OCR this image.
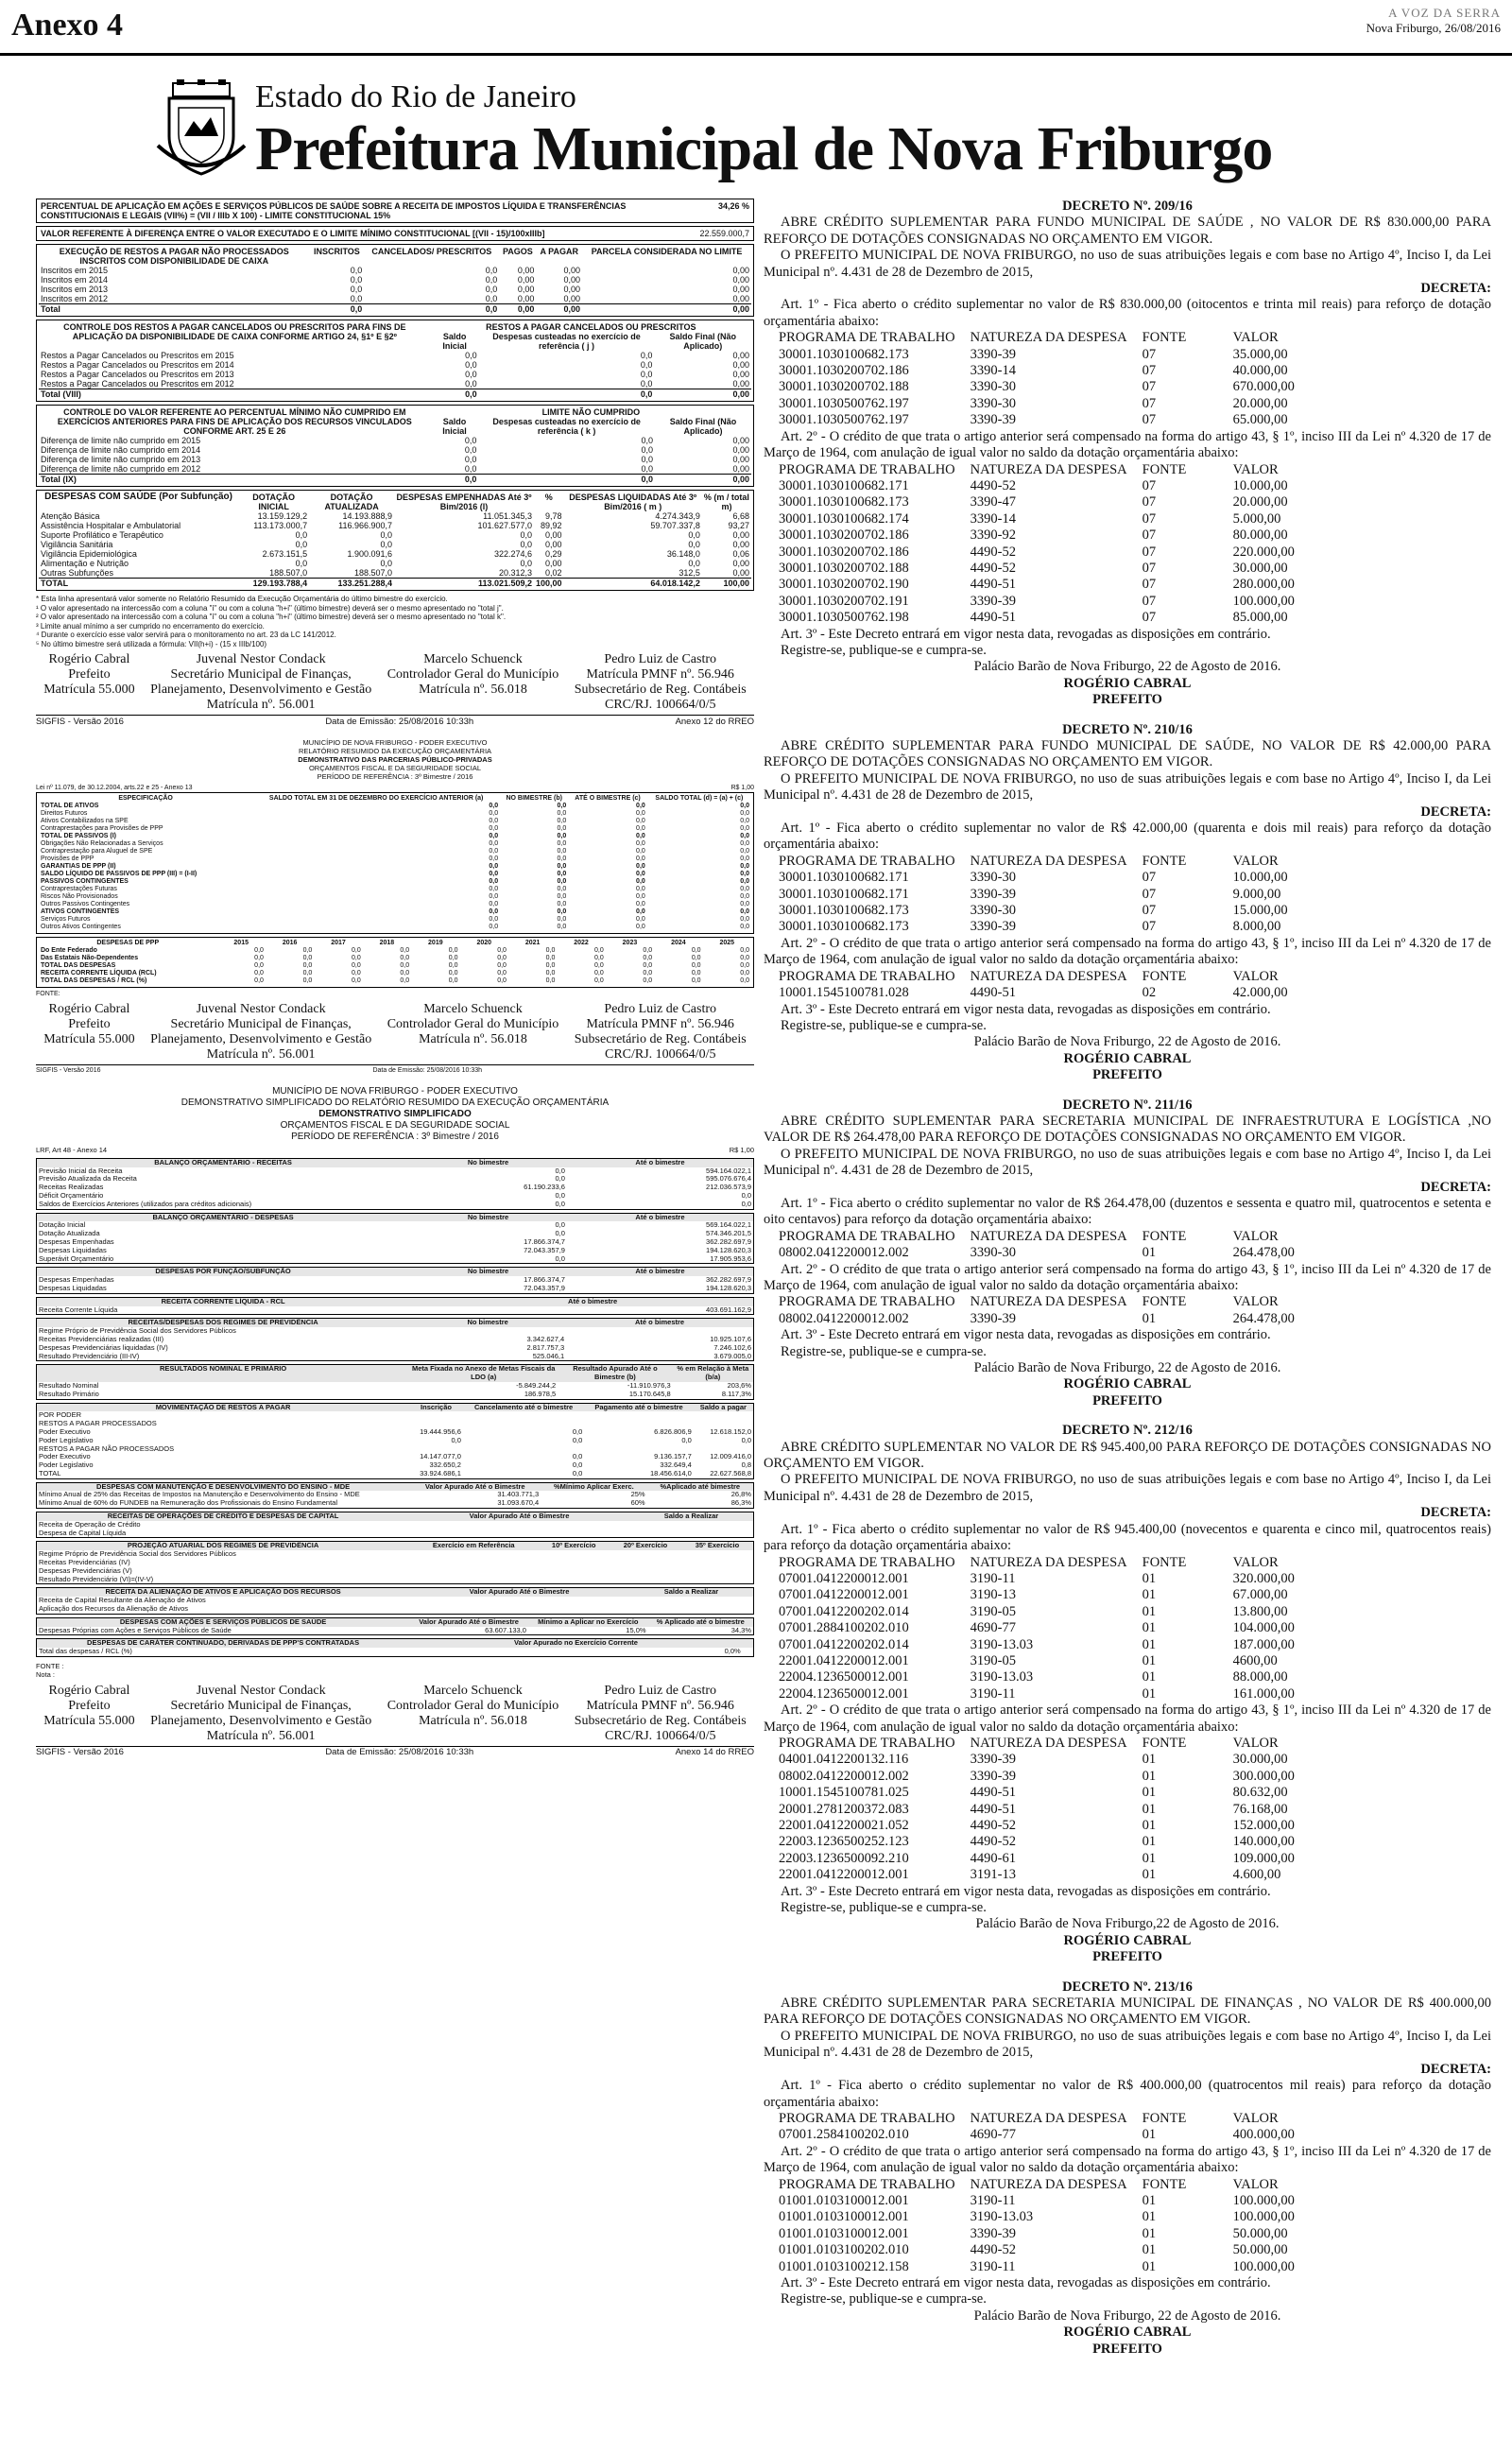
Anexo 4	A VOZ DA SERRA
Nova Friburgo, 26/08/2016
Estado do Rio de Janeiro
Prefeitura Municipal de Nova Friburgo
PERCENTUAL DE APLICAÇÃO EM AÇÕES E SERVIÇOS PÚBLICOS DE SAÚDE SOBRE A RECEITA DE IMPOSTOS LÍQUIDA E TRANSFERÊNCIAS CONSTITUCIONAIS E LEGAIS (VII%) = (VII / IIIb X 100) - LIMITE CONSTITUCIONAL 15%	34,26 %
VALOR REFERENTE À DIFERENÇA ENTRE O VALOR EXECUTADO E O LIMITE MÍNIMO CONSTITUCIONAL [(VII - 15)/100xIIIb]	22.559.000,7
EXECUÇÃO DE RESTOS A PAGAR NÃO PROCESSADOS INSCRITOS COM DISPONIBILIDADE DE CAIXA	INSCRITOS	CANCELADOS/ PRESCRITOS	PAGOS	A PAGAR	PARCELA CONSIDERADA NO LIMITE
Inscritos em 2015	0,0	0,0	0,00	0,00	0,00
Inscritos em 2014	0,0	0,0	0,00	0,00	0,00
Inscritos em 2013	0,0	0,0	0,00	0,00	0,00
Inscritos em 2012	0,0	0,0	0,00	0,00	0,00
Total	0,0	0,0	0,00	0,00	0,00
CONTROLE DOS RESTOS A PAGAR CANCELADOS OU PRESCRITOS PARA FINS DE APLICAÇÃO DA DISPONIBILIDADE DE CAIXA CONFORME ARTIGO 24, §1º E §2º	RESTOS A PAGAR CANCELADOS OU PRESCRITOS		
	Saldo Inicial	Despesas custeadas no exercício de referência ( j )	Saldo Final (Não Aplicado)
Restos a Pagar Cancelados ou Prescritos em 2015	0,0	0,0	0,00
Restos a Pagar Cancelados ou Prescritos em 2014	0,0	0,0	0,00
Restos a Pagar Cancelados ou Prescritos em 2013	0,0	0,0	0,00
Restos a Pagar Cancelados ou Prescritos em 2012	0,0	0,0	0,00
Total (VIII)	0,0	0,0	0,00
CONTROLE DO VALOR REFERENTE AO PERCENTUAL MÍNIMO NÃO CUMPRIDO EM EXERCÍCIOS ANTERIORES PARA FINS DE APLICAÇÃO DOS RECURSOS VINCULADOS CONFORME ART. 25 E 26	LIMITE NÃO CUMPRIDO		
	Saldo Inicial	Despesas custeadas no exercício de referência ( k )	Saldo Final (Não Aplicado)
Diferença de limite não cumprido em 2015	0,0	0,0	0,00
Diferença de limite não cumprido em 2014	0,0	0,0	0,00
Diferença de limite não cumprido em 2013	0,0	0,0	0,00
Diferença de limite não cumprido em 2012	0,0	0,0	0,00
Total (IX)	0,0	0,0	0,00
DESPESAS COM SAÚDE (Por Subfunção)	DOTAÇÃO INICIAL	DOTAÇÃO ATUALIZADA	DESPESAS EMPENHADAS Até 3º Bim/2016 (l)	%	DESPESAS LIQUIDADAS Até 3º Bim/2016 ( m )	% (m / total m)
Atenção Básica	13.159.129,2	14.193.888,9	11.051.345,3	9,78	4.274.343,9	6,68
Assistência Hospitalar e Ambulatorial	113.173.000,7	116.966.900,7	101.627.577,0	89,92	59.707.337,8	93,27
Suporte Profilático e Terapêutico	0,0	0,0	0,0	0,00	0,0	0,00
Vigilância Sanitária	0,0	0,0	0,0	0,00	0,0	0,00
Vigilância Epidemiológica	2.673.151,5	1.900.091,6	322.274,6	0,29	36.148,0	0,06
Alimentação e Nutrição	0,0	0,0	0,0	0,00	0,0	0,00
Outras Subfunções	188.507,0	188.507,0	20.312,3	0,02	312,5	0,00
TOTAL	129.193.788,4	133.251.288,4	113.021.509,2	100,00	64.018.142,2	100,00
* Esta linha apresentará valor somente no Relatório Resumido da Execução Orçamentária do último bimestre do exercício.
¹ O valor apresentado na intercessão com a coluna "i" ou com a coluna "h+i" (último bimestre) deverá ser o mesmo apresentado no "total j".
² O valor apresentado na intercessão com a coluna "i" ou com a coluna "h+i" (último bimestre) deverá ser o mesmo apresentado no "total k".
³ Limite anual mínimo a ser cumprido no encerramento do exercício.
⁴ Durante o exercício esse valor servirá para o monitoramento no art. 23 da LC 141/2012.
⁵ No último bimestre será utilizada a fórmula: VII(h+i) - (15 x IIIb/100)
Rogério Cabral
Prefeito
Matrícula 55.000
Juvenal Nestor Condack
Secretário Municipal de Finanças,
Planejamento, Desenvolvimento e Gestão
Matrícula nº. 56.001
Marcelo Schuenck
Controlador Geral do Município
Matrícula nº. 56.018
Pedro Luiz de Castro
Matrícula PMNF nº. 56.946
Subsecretário de Reg. Contábeis
CRC/RJ. 100664/0/5
SIGFIS - Versão 2016	Data de Emissão: 25/08/2016 10:33h	Anexo 12 do RREO
MUNICÍPIO DE NOVA FRIBURGO - PODER EXECUTIVO
RELATÓRIO RESUMIDO DA EXECUÇÃO ORÇAMENTÁRIA
DEMONSTRATIVO DAS PARCERIAS PÚBLICO-PRIVADAS
ORÇAMENTOS FISCAL E DA SEGURIDADE SOCIAL
PERÍODO DE REFERÊNCIA : 3º Bimestre / 2016
Lei nº 11.079, de 30.12.2004, arts.22 e 25 - Anexo 13	R$ 1,00
ESPECIFICAÇÃO	SALDO TOTAL EM 31 DE DEZEMBRO DO EXERCÍCIO ANTERIOR (a)	NO BIMESTRE (b)	ATÉ O BIMESTRE (c)	SALDO TOTAL (d) = (a) + (c)
TOTAL DE ATIVOS	0,0	0,0	0,0	0,0
Direitos Futuros	0,0	0,0	0,0	0,0
Ativos Contabilizados na SPE	0,0	0,0	0,0	0,0
Contraprestações para Provisões de PPP	0,0	0,0	0,0	0,0
TOTAL DE PASSIVOS (I)	0,0	0,0	0,0	0,0
Obrigações Não Relacionadas a Serviços	0,0	0,0	0,0	0,0
Contraprestação para Aluguel de SPE	0,0	0,0	0,0	0,0
Provisões de PPP	0,0	0,0	0,0	0,0
GARANTIAS DE PPP (II)	0,0	0,0	0,0	0,0
SALDO LÍQUIDO DE PASSIVOS DE PPP (III) = (I-II)	0,0	0,0	0,0	0,0
PASSIVOS CONTINGENTES	0,0	0,0	0,0	0,0
Contraprestações Futuras	0,0	0,0	0,0	0,0
Riscos Não Provisionados	0,0	0,0	0,0	0,0
Outros Passivos Contingentes	0,0	0,0	0,0	0,0
ATIVOS CONTINGENTES	0,0	0,0	0,0	0,0
Serviços Futuros	0,0	0,0	0,0	0,0
Outros Ativos Contingentes	0,0	0,0	0,0	0,0
DESPESAS DE PPP	2015	2016	2017	2018	2019	2020	2021	2022	2023	2024	2025
Do Ente Federado	0,0	0,0	0,0	0,0	0,0	0,0	0,0	0,0	0,0	0,0	0,0
Das Estatais Não-Dependentes	0,0	0,0	0,0	0,0	0,0	0,0	0,0	0,0	0,0	0,0	0,0
TOTAL DAS DESPESAS	0,0	0,0	0,0	0,0	0,0	0,0	0,0	0,0	0,0	0,0	0,0
RECEITA CORRENTE LÍQUIDA (RCL)	0,0	0,0	0,0	0,0	0,0	0,0	0,0	0,0	0,0	0,0	0,0
TOTAL DAS DESPESAS / RCL (%)	0,0	0,0	0,0	0,0	0,0	0,0	0,0	0,0	0,0	0,0	0,0
FONTE:
Rogério Cabral
Prefeito
Matrícula 55.000
Juvenal Nestor Condack
Secretário Municipal de Finanças,
Planejamento, Desenvolvimento e Gestão
Matrícula nº. 56.001
Marcelo Schuenck
Controlador Geral do Município
Matrícula nº. 56.018
Pedro Luiz de Castro
Matrícula PMNF nº. 56.946
Subsecretário de Reg. Contábeis
CRC/RJ. 100664/0/5
SIGFIS - Versão 2016	Data de Emissão: 25/08/2016 10:33h
MUNICÍPIO DE NOVA FRIBURGO - PODER EXECUTIVO
DEMONSTRATIVO SIMPLIFICADO DO RELATÓRIO RESUMIDO DA EXECUÇÃO ORÇAMENTÁRIA
DEMONSTRATIVO SIMPLIFICADO
ORÇAMENTOS FISCAL E DA SEGURIDADE SOCIAL
PERÍODO DE REFERÊNCIA : 3º Bimestre / 2016
LRF, Art 48 - Anexo 14	R$ 1,00
BALANÇO ORÇAMENTÁRIO - RECEITAS	No bimestre	Até o bimestre
Previsão Inicial da Receita	0,0	594.164.022,1
Previsão Atualizada da Receita	0,0	595.076.676,4
Receitas Realizadas	61.190.233,6	212.036.573,9
Déficit Orçamentário	0,0	0,0
Saldos de Exercícios Anteriores (utilizados para créditos adicionais)	0,0	0,0
BALANÇO ORÇAMENTÁRIO - DESPESAS	No bimestre	Até o bimestre
Dotação Inicial	0,0	569.164.022,1
Dotação Atualizada	0,0	574.346.201,5
Despesas Empenhadas	17.866.374,7	362.282.697,9
Despesas Liquidadas	72.043.357,9	194.128.620,3
Superávit Orçamentário	0,0	17.905.953,6
DESPESAS POR FUNÇÃO/SUBFUNÇÃO	No bimestre	Até o bimestre
Despesas Empenhadas	17.866.374,7	362.282.697,9
Despesas Liquidadas	72.043.357,9	194.128.620,3
RECEITA CORRENTE LÍQUIDA - RCL		Até o bimestre
Receita Corrente Líquida		403.691.162,9
RECEITAS/DESPESAS DOS REGIMES DE PREVIDÊNCIA	No bimestre	Até o bimestre
Regime Próprio de Previdência Social dos Servidores Públicos		
Receitas Previdenciárias realizadas (III)	3.342.627,4	10.925.107,6
Despesas Previdenciárias liquidadas (IV)	2.817.757,3	7.246.102,6
Resultado Previdenciário (III-IV)	525.046,1	3.679.005,0
RESULTADOS NOMINAL E PRIMÁRIO	Meta Fixada no Anexo de Metas Fiscais da LDO (a)	Resultado Apurado Até o Bimestre (b)	% em Relação à Meta (b/a)
Resultado Nominal	-5.849.244,2	-11.910.976,3	203,6%
Resultado Primário	186.978,5	15.170.645,8	8.117,3%
MOVIMENTAÇÃO DE RESTOS A PAGAR	Inscrição	Cancelamento até o bimestre	Pagamento até o bimestre	Saldo a pagar
POR PODER				
RESTOS A PAGAR PROCESSADOS				
Poder Executivo	19.444.956,6	0,0	6.826.806,9	12.618.152,0
Poder Legislativo	0,0	0,0	0,0	0,0
RESTOS A PAGAR NÃO PROCESSADOS				
Poder Executivo	14.147.077,0	0,0	9.136.157,7	12.009.416,0
Poder Legislativo	332.650,2	0,0	332.649,4	0,8
TOTAL	33.924.686,1	0,0	18.456.614,0	22.627.568,8
DESPESAS COM MANUTENÇÃO E DESENVOLVIMENTO DO ENSINO - MDE	Valor Apurado Até o Bimestre	%Mínimo Aplicar Exerc.	%Aplicado até bimestre
Mínimo Anual de 25% das Receitas de Impostos na Manutenção e Desenvolvimento do Ensino - MDE	31.403.771,3	25%	26,8%
Mínimo Anual de 60% do FUNDEB na Remuneração dos Profissionais do Ensino Fundamental	31.093.670,4	60%	86,3%
RECEITAS DE OPERAÇÕES DE CRÉDITO E DESPESAS DE CAPITAL	Valor Apurado Até o Bimestre	Saldo a Realizar
Receita de Operação de Crédito		
Despesa de Capital Líquida		
PROJEÇÃO ATUARIAL DOS REGIMES DE PREVIDÊNCIA	Exercício em Referência	10º Exercício	20º Exercício	35º Exercício
Regime Próprio de Previdência Social dos Servidores Públicos				
Receitas Previdenciárias (IV)				
Despesas Previdenciárias (V)				
Resultado Previdenciário (VI)=(IV-V)				
RECEITA DA ALIENAÇÃO DE ATIVOS E APLICAÇÃO DOS RECURSOS	Valor Apurado Até o Bimestre	Saldo a Realizar
Receita de Capital Resultante da Alienação de Ativos		
Aplicação dos Recursos da Alienação de Ativos		
DESPESAS COM AÇÕES E SERVIÇOS PÚBLICOS DE SAÚDE	Valor Apurado Até o Bimestre	Mínimo a Aplicar no Exercício	% Aplicado até o bimestre
Despesas Próprias com Ações e Serviços Públicos de Saúde	63.607.133,0	15,0%	34,3%
DESPESAS DE CARÁTER CONTINUADO, DERIVADAS DE PPP'S CONTRATADAS	Valor Apurado no Exercício Corrente	
Total das despesas / RCL (%)	0,0%	
FONTE :
Nota :
Rogério Cabral
Prefeito
Matrícula 55.000
Juvenal Nestor Condack
Secretário Municipal de Finanças,
Planejamento, Desenvolvimento e Gestão
Matrícula nº. 56.001
Marcelo Schuenck
Controlador Geral do Município
Matrícula nº. 56.018
Pedro Luiz de Castro
Matrícula PMNF nº. 56.946
Subsecretário de Reg. Contábeis
CRC/RJ. 100664/0/5
SIGFIS - Versão 2016	Data de Emissão: 25/08/2016 10:33h	Anexo 14 do RREO
DECRETO Nº. 209/16

ABRE CRÉDITO SUPLEMENTAR PARA FUNDO MUNICIPAL DE SAÚDE , NO VALOR DE R$ 830.000,00 PARA REFORÇO DE DOTAÇÕES CONSIGNADAS NO ORÇAMENTO EM VIGOR.

O PREFEITO MUNICIPAL DE NOVA FRIBURGO, no uso de suas atribuições legais e com base no Artigo 4º, Inciso I, da Lei Municipal nº. 4.431 de 28 de Dezembro de 2015,

DECRETA:

Art. 1º - Fica aberto o crédito suplementar no valor de R$ 830.000,00 (oitocentos e trinta mil reais) para reforço de dotação orçamentária abaixo:

PROGRAMA DE TRABALHO	NATUREZA DA DESPESA	FONTE	VALOR
30001.1030100682.173	3390-39	07	35.000,00
30001.1030200702.186	3390-14	07	40.000,00
30001.1030200702.188	3390-30	07	670.000,00
30001.1030500762.197	3390-30	07	20.000,00
30001.1030500762.197	3390-39	07	65.000,00

Art. 2º - O crédito de que trata o artigo anterior será compensado na forma do artigo 43, § 1º, inciso III da Lei nº 4.320 de 17 de Março de 1964, com anulação de igual valor no saldo da dotação orçamentária abaixo:

PROGRAMA DE TRABALHO	NATUREZA DA DESPESA	FONTE	VALOR
30001.1030100682.171	4490-52	07	10.000,00
30001.1030100682.173	3390-47	07	20.000,00
30001.1030100682.174	3390-14	07	5.000,00
30001.1030200702.186	3390-92	07	80.000,00
30001.1030200702.186	4490-52	07	220.000,00
30001.1030200702.188	4490-52	07	30.000,00
30001.1030200702.190	4490-51	07	280.000,00
30001.1030200702.191	3390-39	07	100.000,00
30001.1030500762.198	4490-51	07	85.000,00

Art. 3º - Este Decreto entrará em vigor nesta data, revogadas as disposições em contrário.

Registre-se, publique-se e cumpra-se.

Palácio Barão de Nova Friburgo, 22 de Agosto de 2016.
ROGÉRIO CABRAL
PREFEITO
DECRETO Nº. 210/16

ABRE CRÉDITO SUPLEMENTAR PARA FUNDO MUNICIPAL DE SAÚDE, NO VALOR DE R$ 42.000,00 PARA REFORÇO DE DOTAÇÕES CONSIGNADAS NO ORÇAMENTO EM VIGOR.

O PREFEITO MUNICIPAL DE NOVA FRIBURGO, no uso de suas atribuições legais e com base no Artigo 4º, Inciso I, da Lei Municipal nº. 4.431 de 28 de Dezembro de 2015,

DECRETA:

Art. 1º - Fica aberto o crédito suplementar no valor de R$ 42.000,00 (quarenta e dois mil reais) para reforço da dotação orçamentária abaixo:

PROGRAMA DE TRABALHO	NATUREZA DA DESPESA	FONTE	VALOR
30001.1030100682.171	3390-30	07	10.000,00
30001.1030100682.171	3390-39	07	9.000,00
30001.1030100682.173	3390-30	07	15.000,00
30001.1030100682.173	3390-39	07	8.000,00

Art. 2º - O crédito de que trata o artigo anterior será compensado na forma do artigo 43, § 1º, inciso III da Lei nº 4.320 de 17 de Março de 1964, com anulação de igual valor no saldo da dotação orçamentária abaixo:

PROGRAMA DE TRABALHO	NATUREZA DA DESPESA	FONTE	VALOR
10001.1545100781.028	4490-51	02	42.000,00

Art. 3º - Este Decreto entrará em vigor nesta data, revogadas as disposições em contrário.

Registre-se, publique-se e cumpra-se.

Palácio Barão de Nova Friburgo, 22 de Agosto de 2016.
ROGÉRIO CABRAL
PREFEITO
DECRETO Nº. 211/16

ABRE CRÉDITO SUPLEMENTAR PARA SECRETARIA MUNICIPAL DE INFRAESTRUTURA E LOGÍSTICA ,NO VALOR DE R$ 264.478,00 PARA REFORÇO DE DOTAÇÕES CONSIGNADAS NO ORÇAMENTO EM VIGOR.

O PREFEITO MUNICIPAL DE NOVA FRIBURGO, no uso de suas atribuições legais e com base no Artigo 4º, Inciso I, da Lei Municipal nº. 4.431 de 28 de Dezembro de 2015,

DECRETA:

Art. 1º - Fica aberto o crédito suplementar no valor de R$ 264.478,00 (duzentos e sessenta e quatro mil, quatrocentos e setenta e oito centavos) para reforço da dotação orçamentária abaixo:

PROGRAMA DE TRABALHO	NATUREZA DA DESPESA	FONTE	VALOR
08002.0412200012.002	3390-30	01	264.478,00

Art. 2º - O crédito de que trata o artigo anterior será compensado na forma do artigo 43, § 1º, inciso III da Lei nº 4.320 de 17 de Março de 1964, com anulação de igual valor no saldo da dotação orçamentária abaixo:

PROGRAMA DE TRABALHO	NATUREZA DA DESPESA	FONTE	VALOR
08002.0412200012.002	3390-39	01	264.478,00

Art. 3º - Este Decreto entrará em vigor nesta data, revogadas as disposições em contrário.

Registre-se, publique-se e cumpra-se.

Palácio Barão de Nova Friburgo, 22 de Agosto de 2016.
ROGÉRIO CABRAL
PREFEITO
DECRETO Nº. 212/16

ABRE CRÉDITO SUPLEMENTAR NO VALOR DE R$ 945.400,00 PARA REFORÇO DE DOTAÇÕES CONSIGNADAS NO ORÇAMENTO EM VIGOR.

O PREFEITO MUNICIPAL DE NOVA FRIBURGO, no uso de suas atribuições legais e com base no Artigo 4º, Inciso I, da Lei Municipal nº. 4.431 de 28 de Dezembro de 2015,

DECRETA:

Art. 1º - Fica aberto o crédito suplementar no valor de R$ 945.400,00 (novecentos e quarenta e cinco mil, quatrocentos reais) para reforço da dotação orçamentária abaixo:

PROGRAMA DE TRABALHO	NATUREZA DA DESPESA	FONTE	VALOR
07001.0412200012.001	3190-11	01	320.000,00
07001.0412200012.001	3190-13	01	67.000,00
07001.0412200202.014	3190-05	01	13.800,00
07001.2884100202.010	4690-77	01	104.000,00
07001.0412200202.014	3190-13.03	01	187.000,00
22001.0412200012.001	3190-05	01	4600,00
22004.1236500012.001	3190-13.03	01	88.000,00
22004.1236500012.001	3190-11	01	161.000,00

Art. 2º - O crédito de que trata o artigo anterior será compensado na forma do artigo 43, § 1º, inciso III da Lei nº 4.320 de 17 de Março de 1964, com anulação de igual valor no saldo da dotação orçamentária abaixo:

PROGRAMA DE TRABALHO	NATUREZA DA DESPESA	FONTE	VALOR
04001.0412200132.116	3390-39	01	30.000,00
08002.0412200012.002	3390-39	01	300.000,00
10001.1545100781.025	4490-51	01	80.632,00
20001.2781200372.083	4490-51	01	76.168,00
22001.0412200021.052	4490-52	01	152.000,00
22003.1236500252.123	4490-52	01	140.000,00
22003.1236500092.210	4490-61	01	109.000,00
22001.0412200012.001	3191-13	01	4.600,00

Art. 3º - Este Decreto entrará em vigor nesta data, revogadas as disposições em contrário.

Registre-se, publique-se e cumpra-se.

Palácio Barão de Nova Friburgo,22 de Agosto de 2016.
ROGÉRIO CABRAL
PREFEITO
DECRETO Nº. 213/16

ABRE CRÉDITO SUPLEMENTAR PARA SECRETARIA MUNICIPAL DE FINANÇAS , NO VALOR DE R$ 400.000,00 PARA REFORÇO DE DOTAÇÕES CONSIGNADAS NO ORÇAMENTO EM VIGOR.

O PREFEITO MUNICIPAL DE NOVA FRIBURGO, no uso de suas atribuições legais e com base no Artigo 4º, Inciso I, da Lei Municipal nº. 4.431 de 28 de Dezembro de 2015,

DECRETA:

Art. 1º - Fica aberto o crédito suplementar no valor de R$ 400.000,00 (quatrocentos mil reais) para reforço da dotação orçamentária abaixo:

PROGRAMA DE TRABALHO	NATUREZA DA DESPESA	FONTE	VALOR
07001.2584100202.010	4690-77	01	400.000,00

Art. 2º - O crédito de que trata o artigo anterior será compensado na forma do artigo 43, § 1º, inciso III da Lei nº 4.320 de 17 de Março de 1964, com anulação de igual valor no saldo da dotação orçamentária abaixo:

PROGRAMA DE TRABALHO	NATUREZA DA DESPESA	FONTE	VALOR
01001.0103100012.001	3190-11	01	100.000,00
01001.0103100012.001	3190-13.03	01	100.000,00
01001.0103100012.001	3390-39	01	50.000,00
01001.0103100202.010	4490-52	01	50.000,00
01001.0103100212.158	3190-11	01	100.000,00

Art. 3º - Este Decreto entrará em vigor nesta data, revogadas as disposições em contrário.

Registre-se, publique-se e cumpra-se.

Palácio Barão de Nova Friburgo, 22 de Agosto de 2016.
ROGÉRIO CABRAL
PREFEITO
